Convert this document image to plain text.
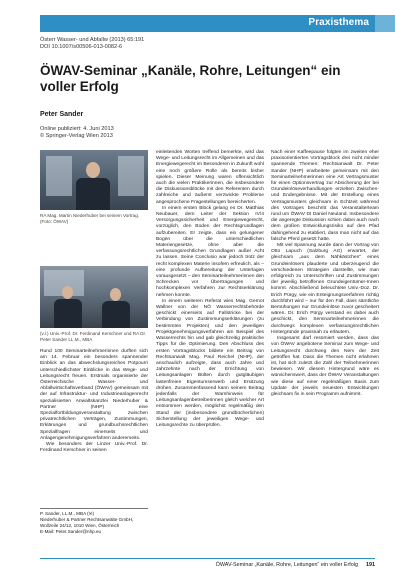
Praxisthema
Österr Wasser- und Abfallw (2013) 65:191
DOI 10.1007/s00506-013-0082-6
ÖWAV-Seminar „Kanäle, Rohre, Leitungen“ ein voller Erfolg
Peter Sander
Online publiziert: 4. Juni 2013
© Springer-Verlag Wien 2013
RA Mag. Martin Niederhuber bei seinem Vortrag. (Foto: ÖWAV)
(v.l.) Univ.-Prof. Dr. Ferdinand Kerschner und RA Dr. Peter Sander LL.M., MBA

Rund 100 Seminarteilnehmerinnen durften sich am 14. Februar ein besonders spannender Einblick an das abwechslungsreiches Potpourri unterschiedlichster Einblicke in das Wege- und Leitungsrecht freuen. Erstmals organisierte der Österreichische Wasser- und Abfallwirtschaftsverband (ÖWAV) gemeinsam mit der auf Infrastruktur- und Industrieanlagenrecht spezialisierten Anwaltskanzlei Niederhuber & Partner (NHP) eine Spezialfortbildungsveranstaltung zwischen privatrechtlichen Verträgen, Zustimmungen, Erklärungen und grundbuchsrechtlichen Spezialfragen einerseits und Anlagengenehmigungsverfahren andererseits.

Wie besonders der Linzer Univ.-Prof. Dr. Ferdinand Kerschner in seinen

einleitenden Worten treffend bemerkte, wird das Wege- und Leitungsrecht im Allgemeinen und das Energiewegerecht im Besonderen in Zukunft wohl eine noch größere Rolle als bereits bisher spielen. Dieser Meinung waren offensichtlich auch die vielen Praktikerinnen, die insbesondere die Diskussionsblöcke mit den Referenten durch zahlreiche und äußerst verzwickte Probleme angesprochene Fragestellungen bereicherten.

In einem ersten Block gelang es Dr. Matthias Neubauer, dem Leiter der Sektion IV/4 Versorgungssicherheit und Energiewegerecht, vorzüglich, den Boden der Rechtsgrundlagen aufzubereiten. Er zeigte, dass ein gelungener Bogen über die unterschiedlichen Materiengesetze, ohne aber die verfassungsrechtlichen Grundlagen außer Acht zu lassen. Seine Conclusio war jedoch trotz der recht komplexen Materie insofern erfreulich, als – eine profunde Aufbereitung der Unterlagen vorausgesetzt – den Seminarteilnehmerinnen den Schrecken vor Übertragungen und hochkomplexen Verfahren zur Rechtserklärung nehmen konnte.

In einem weiteren Referat wies Mag. Gernot Wallner von der NÖ Wasserrechtsbehörde geschickt einerseits auf Fallstricke bei der Verbindung von Zustimmungserklärungen (zu bestimmten Projekten) und den jeweiligen Projektgenehmigungsverfahren am Beispiel des Wasserrechts hin und gab gleichzeitig praktische Tipps für die Optimierung. Den Abschluss des ersten Vortragsblocks bildete ein Beitrag von Rechtsanwalt Mag. Paul Reichel (NHP), der anschaulich aufzeigte, dass auch Jahre und Jahrzehnte nach der Errichtung von Leitungsanlagen Bülten durch gutgläubigen lastenfreien Eigentumserwerb und Ersitzung drohen. Zusammenfassend kann seinem Beitrag jedenfalls der Warnhinweis für Leitungsanlagenbetreiberinnen glelch welcher Art entnommen werden, möglichst regelmäßig den Stand der (insbesondere grundbücherlichen) Sicherstellung der jeweiligen Wege- und Leitungsrechte zu überprüfen.

Nach einer Kaffeepause folgten im zweiten eher praxisorientierten Vortragsblock drei nicht minder spannende Themen: Rechtsanwalt Dr. Peter Sander (NHP) erarbeitete gemeinsam mit den Seminarteilnehmerinnen eine Art Vertragsmuster für einen Optionsvertrag zur Absicherung der bei Grundeinlöseverhandlungen erzielten Zwischen- und Endergebnisse. Mit der Erstellung eines Vertragsmusters gleichsam in Echtzeit während des Vortrages beschritt das Veranstalterteam rund um ÖWAV DI Daniel Neuland. Insbesondere die angeregte Diskussion schien dabei auch nach dem großen Entwicklungsrisiko auf den Pfad dahingehend zu etabliert, dass man nicht auf das falsche Pferd gesetzt hatte.

Mit viel Spannung wurde dann der Vortrag von Otto Lapuch (Salzburg AG) erwartet, der gleichsam „aus dem Nähkästchen" eines Grundeinlösers plauderte und überzeugend die verschiedenen Strategien darstellte, wie man erfolgreich zu Unterschriften und Zustimmungen der jeweilig betroffenen Grundeigentümer-Innen kommt. Abschließend beleuchtete Univ.-Doz. Dr. Erich Pürgy, wie ein Enteignungsverfahren richtig durchführt wird – nur für den Fall, dass sämtliche Bemühungen nur Grundeinlöse zuvor gescheitert wären. Dr. Erich Pürgy verstand es dabei auch geschickt, den Seminarteilnehmerinnen die durchwegs komplexen verfassungsrechtlichen Hintergründe praxisnah zu erläutern.

Insgesamt darf resümiert werden, dass das von ÖWAV angebotene Seminar zum Wege- und Leitungsrecht durchweg den Nerv der Zeit getroffen hat. Dass die Themen nicht erlahmen ist, hat sich zuletzt die Zahl der Teilnehmerinnen bewiesen. Wir diesem Hintergrund wäre es wünschenswert, dass der ÖWAV Veranstaltungen wie diese auf einer regelmäßigen Basis zum Update der jeweils neuesten Entwicklungen gleichsam fix in sein Programm aufnimmt.

P. Sander, LL.M., MBA (✉)
Niederhuber & Partner Rechtsanwälte GmbH, Wollzeile 24/12, 1010 Wien, Österreich
E-Mail: Peter.Sander@nhp.eu
ÖWAV-Seminar „Kanäle, Rohre, Leitungen“ ein voller Erfolg 191
